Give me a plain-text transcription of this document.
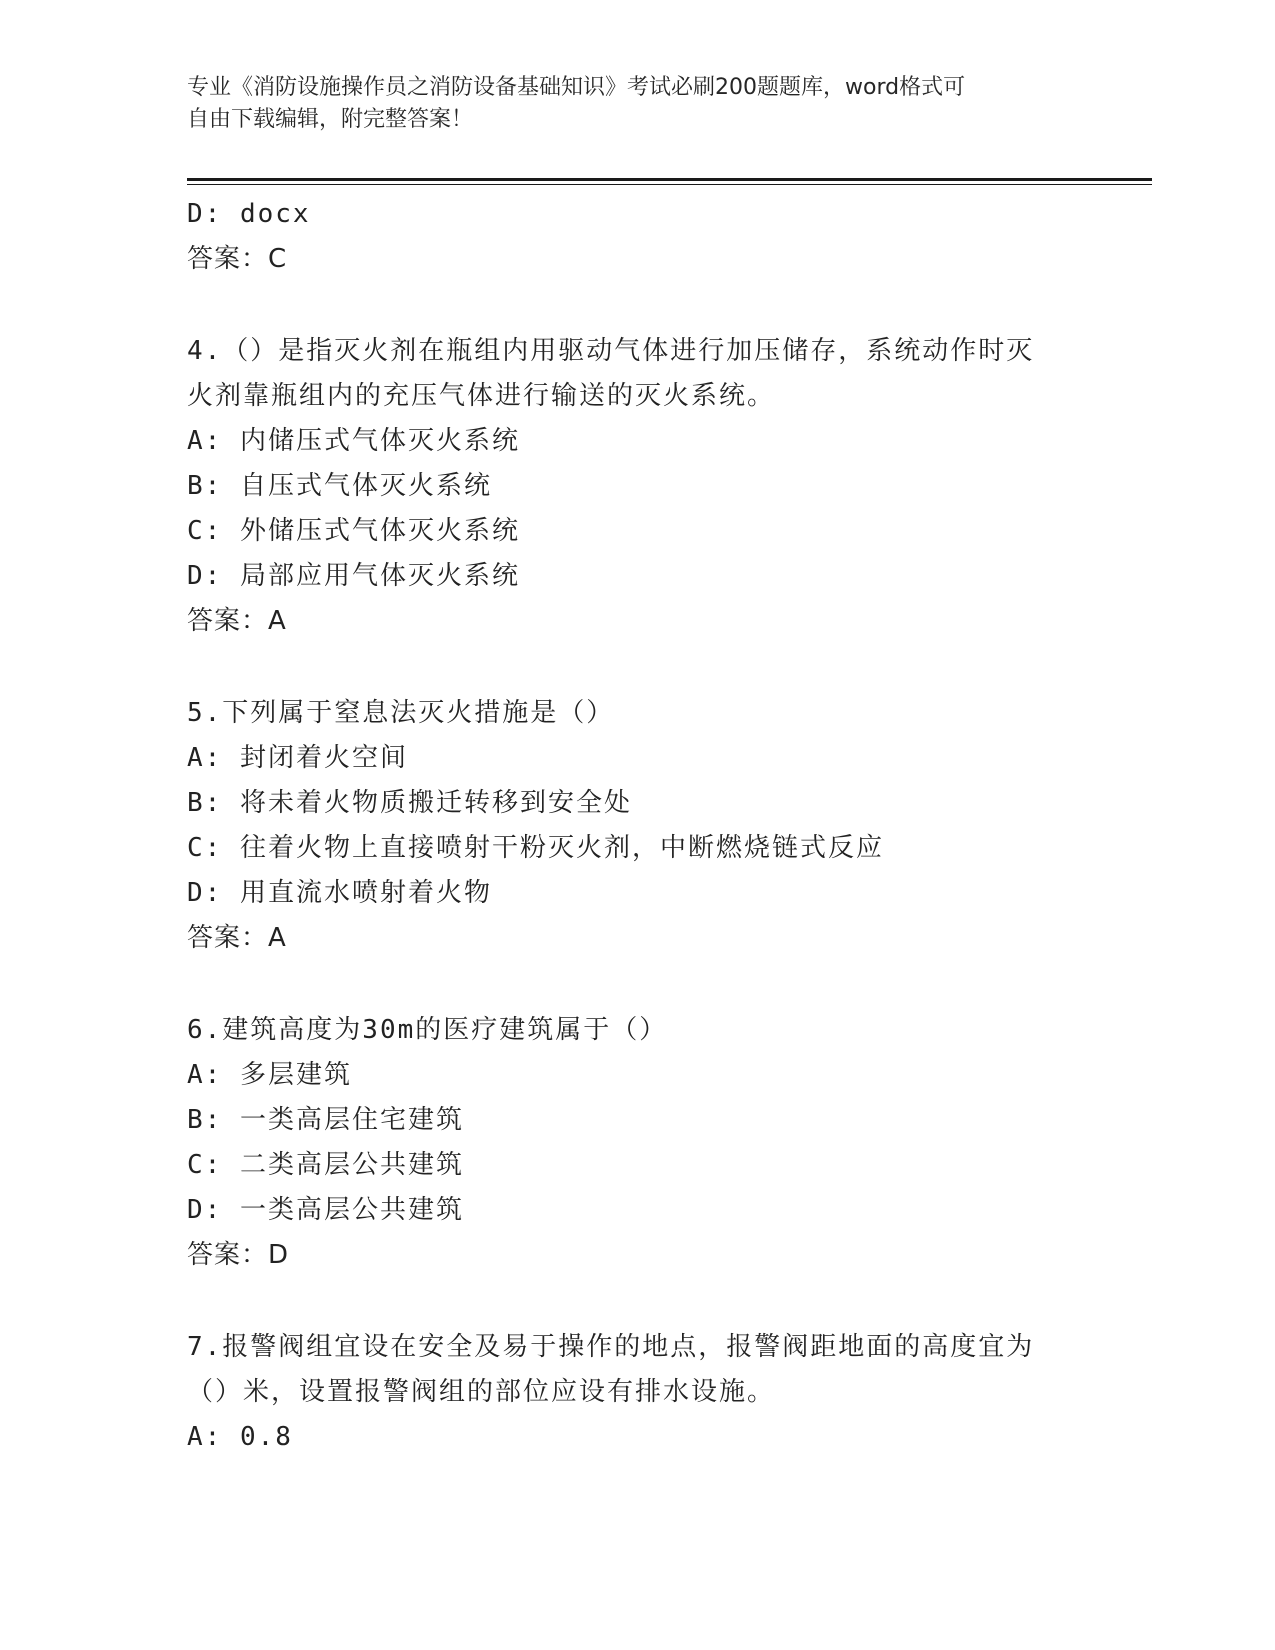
专业《消防设施操作员之消防设备基础知识》考试必刷200题题库，word格式可
自由下载编辑，附完整答案！
D: docx
答案：C
4.（）是指灭火剂在瓶组内用驱动气体进行加压储存，系统动作时灭
火剂靠瓶组内的充压气体进行输送的灭火系统。
A: 内储压式气体灭火系统
B: 自压式气体灭火系统
C: 外储压式气体灭火系统
D: 局部应用气体灭火系统
答案：A
5.下列属于窒息法灭火措施是（）
A: 封闭着火空间
B: 将未着火物质搬迁转移到安全处
C: 往着火物上直接喷射干粉灭火剂，中断燃烧链式反应
D: 用直流水喷射着火物
答案：A
6.建筑高度为30m的医疗建筑属于（）
A: 多层建筑
B: 一类高层住宅建筑
C: 二类高层公共建筑
D: 一类高层公共建筑
答案：D
7.报警阀组宜设在安全及易于操作的地点，报警阀距地面的高度宜为
（）米，设置报警阀组的部位应设有排水设施。
A: 0.8
